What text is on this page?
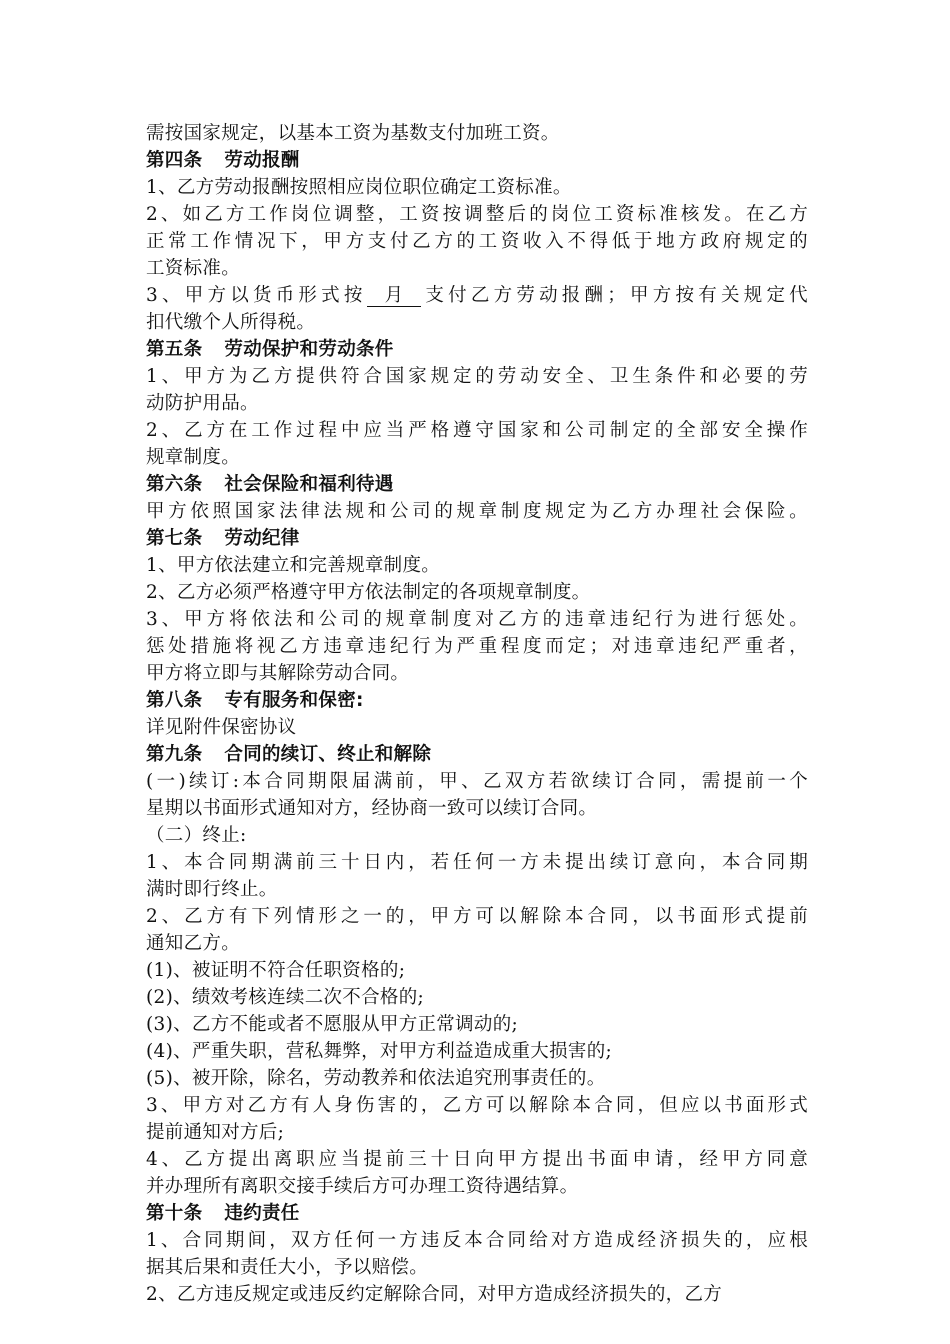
需按国家规定，以基本工资为基数支付加班工资。
第四条 劳动报酬
1、乙方劳动报酬按照相应岗位职位确定工资标准。
2、如乙方工作岗位调整，工资按调整后的岗位工资标准核发。在乙方
正常工作情况下，甲方支付乙方的工资收入不得低于地方政府规定的
工资标准。
3、甲方以货币形式按 月 支付乙方劳动报酬；甲方按有关规定代
扣代缴个人所得税。
第五条 劳动保护和劳动条件
1、甲方为乙方提供符合国家规定的劳动安全、卫生条件和必要的劳
动防护用品。
2、乙方在工作过程中应当严格遵守国家和公司制定的全部安全操作
规章制度。
第六条 社会保险和福利待遇
甲方依照国家法律法规和公司的规章制度规定为乙方办理社会保险。
第七条 劳动纪律
1、甲方依法建立和完善规章制度。
2、乙方必须严格遵守甲方依法制定的各项规章制度。
3、甲方将依法和公司的规章制度对乙方的违章违纪行为进行惩处。
惩处措施将视乙方违章违纪行为严重程度而定；对违章违纪严重者，
甲方将立即与其解除劳动合同。
第八条 专有服务和保密:
详见附件保密协议
第九条 合同的续订、终止和解除
(一)续订:本合同期限届满前，甲、乙双方若欲续订合同，需提前一个
星期以书面形式通知对方，经协商一致可以续订合同。
（二）终止:
1、本合同期满前三十日内，若任何一方未提出续订意向，本合同期
满时即行终止。
2、乙方有下列情形之一的，甲方可以解除本合同，以书面形式提前
通知乙方。
(1)、被证明不符合任职资格的;
(2)、绩效考核连续二次不合格的;
(3)、乙方不能或者不愿服从甲方正常调动的;
(4)、严重失职，营私舞弊，对甲方利益造成重大损害的;
(5)、被开除，除名，劳动教养和依法追究刑事责任的。
3、甲方对乙方有人身伤害的，乙方可以解除本合同，但应以书面形式
提前通知对方后;
4、乙方提出离职应当提前三十日向甲方提出书面申请，经甲方同意
并办理所有离职交接手续后方可办理工资待遇结算。
第十条 违约责任
1、合同期间，双方任何一方违反本合同给对方造成经济损失的，应根
据其后果和责任大小，予以赔偿。
2、乙方违反规定或违反约定解除合同，对甲方造成经济损失的，乙方
